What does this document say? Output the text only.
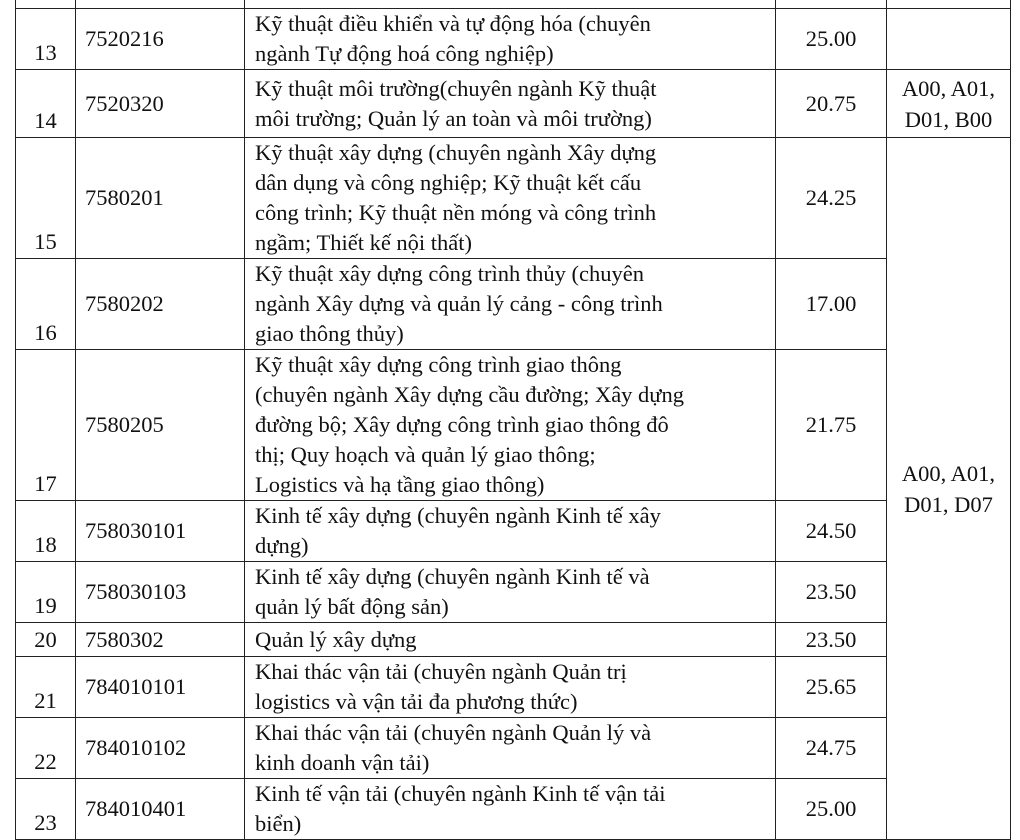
13	7520216	Kỹ thuật điều khiển và tự động hóa (chuyên
ngành Tự động hoá công nghiệp)	25.00	
14	7520320	Kỹ thuật môi trường(chuyên ngành Kỹ thuật
môi trường; Quản lý an toàn và môi trường)	20.75	A00, A01,
D01, B00

15	7580201	Kỹ thuật xây dựng (chuyên ngành Xây dựng
dân dụng và công nghiệp; Kỹ thuật kết cấu
công trình; Kỹ thuật nền móng và công trình
ngầm; Thiết kế nội thất)	24.25	A00, A01,
D01, D07

16	7580202	Kỹ thuật xây dựng công trình thủy (chuyên
ngành Xây dựng và quản lý cảng - công trình
giao thông thủy)	17.00	
17	7580205	Kỹ thuật xây dựng công trình giao thông
(chuyên ngành Xây dựng cầu đường; Xây dựng
đường bộ; Xây dựng công trình giao thông đô
thị; Quy hoạch và quản lý giao thông;
Logistics và hạ tầng giao thông)	21.75	
18	758030101	Kinh tế xây dựng (chuyên ngành Kinh tế xây
dựng)	24.50	
19	758030103	Kinh tế xây dựng (chuyên ngành Kinh tế và
quản lý bất động sản)	23.50	
20	7580302	Quản lý xây dựng	23.50	
21	784010101	Khai thác vận tải (chuyên ngành Quản trị
logistics và vận tải đa phương thức)	25.65	
22	784010102	Khai thác vận tải (chuyên ngành Quản lý và
kinh doanh vận tải)	24.75	
23	784010401	Kinh tế vận tải (chuyên ngành Kinh tế vận tải
biển)	25.00	
